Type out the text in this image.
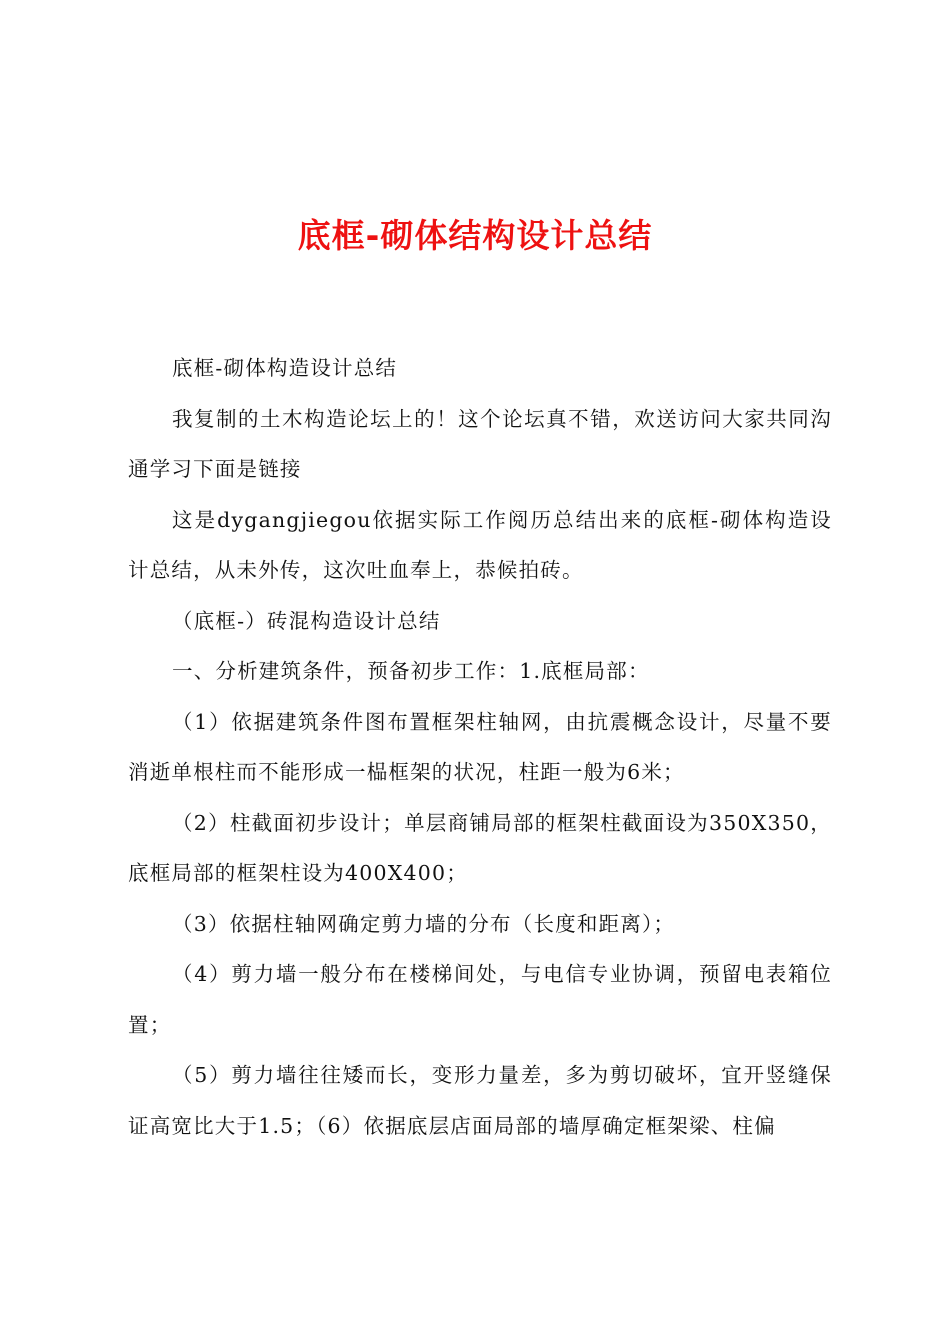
底框-砌体结构设计总结

底框-砌体构造设计总结

我复制的土木构造论坛上的！这个论坛真不错，欢送访问大家共同沟通学习下面是链接

这是dygangjiegou依据实际工作阅历总结出来的底框-砌体构造设计总结，从未外传，这次吐血奉上，恭候拍砖。

（底框-）砖混构造设计总结

一、分析建筑条件，预备初步工作：1.底框局部：

（1）依据建筑条件图布置框架柱轴网，由抗震概念设计，尽量不要消逝单根柱而不能形成一榀框架的状况，柱距一般为6米；

（2）柱截面初步设计；单层商铺局部的框架柱截面设为350X350，底框局部的框架柱设为400X400；

（3）依据柱轴网确定剪力墙的分布（长度和距离）；

（4）剪力墙一般分布在楼梯间处，与电信专业协调，预留电表箱位置；

（5）剪力墙往往矮而长，变形力量差，多为剪切破坏，宜开竖缝保证高宽比大于1.5；（6）依据底层店面局部的墙厚确定框架梁、柱偏
